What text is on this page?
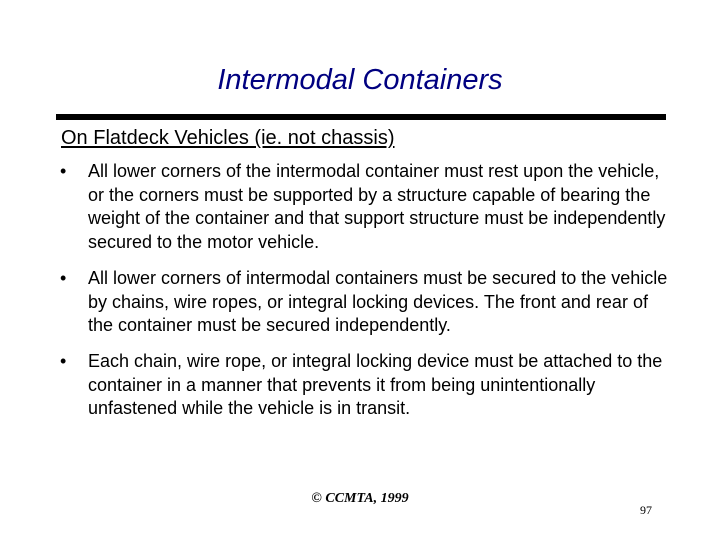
Intermodal Containers
On Flatdeck Vehicles (ie. not chassis)
•	All lower corners of the intermodal container must rest upon the vehicle, or the corners must be supported by a structure capable of bearing the weight of the container and that support structure must be independently secured to the motor vehicle.
•	All lower corners of intermodal containers must be secured to the vehicle by chains, wire ropes, or integral locking devices. The front and rear of the container must be secured independently.
•	Each chain, wire rope, or integral locking device must be attached to the container in a manner that prevents it from being unintentionally unfastened while the vehicle is in transit.
© CCMTA, 1999
97
